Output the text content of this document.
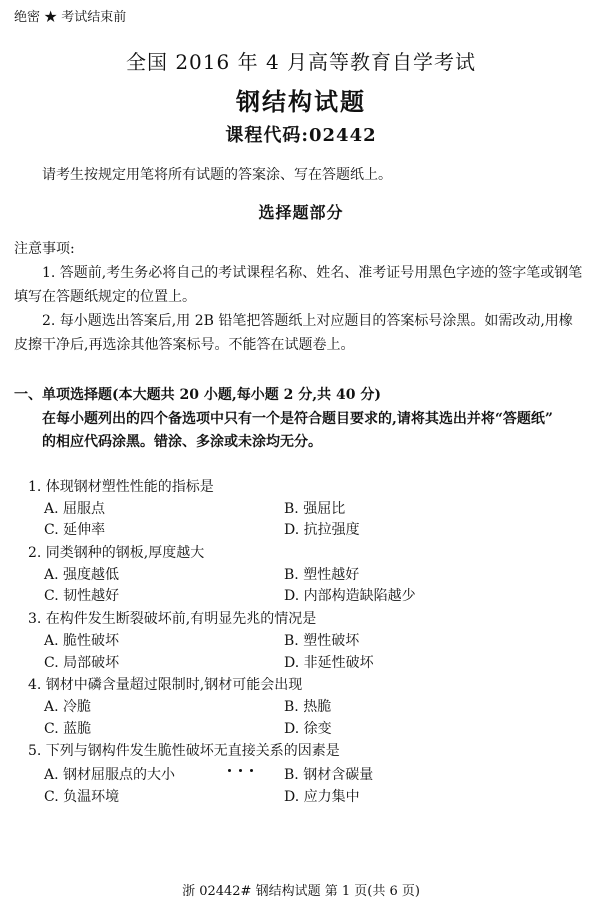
绝密 ★ 考试结束前
全国 2016 年 4 月高等教育自学考试
钢结构试题
课程代码:02442
请考生按规定用笔将所有试题的答案涂、写在答题纸上。
选择题部分
注意事项:
1. 答题前,考生务必将自己的考试课程名称、姓名、准考证号用黑色字迹的签字笔或钢笔
填写在答题纸规定的位置上。
2. 每小题选出答案后,用 2B 铅笔把答题纸上对应题目的答案标号涂黑。如需改动,用橡
皮擦干净后,再选涂其他答案标号。不能答在试题卷上。
一、单项选择题(本大题共 20 小题,每小题 2 分,共 40 分)
在每小题列出的四个备选项中只有一个是符合题目要求的,请将其选出并将“答题纸”
的相应代码涂黑。错涂、多涂或未涂均无分。
1. 体现钢材塑性性能的指标是
A. 屈服点	B. 强屈比
C. 延伸率	D. 抗拉强度
2. 同类钢种的钢板,厚度越大
A. 强度越低	B. 塑性越好
C. 韧性越好	D. 内部构造缺陷越少
3. 在构件发生断裂破坏前,有明显先兆的情况是
A. 脆性破坏	B. 塑性破坏
C. 局部破坏	D. 非延性破坏
4. 钢材中磷含量超过限制时,钢材可能会出现
A. 冷脆	B. 热脆
C. 蓝脆	D. 徐变
5. 下列与钢构件发生脆性破坏无直接关系的因素是
A. 钢材屈服点的大小	B. 钢材含碳量
C. 负温环境	D. 应力集中
浙 02442# 钢结构试题 第 1 页(共 6 页)
